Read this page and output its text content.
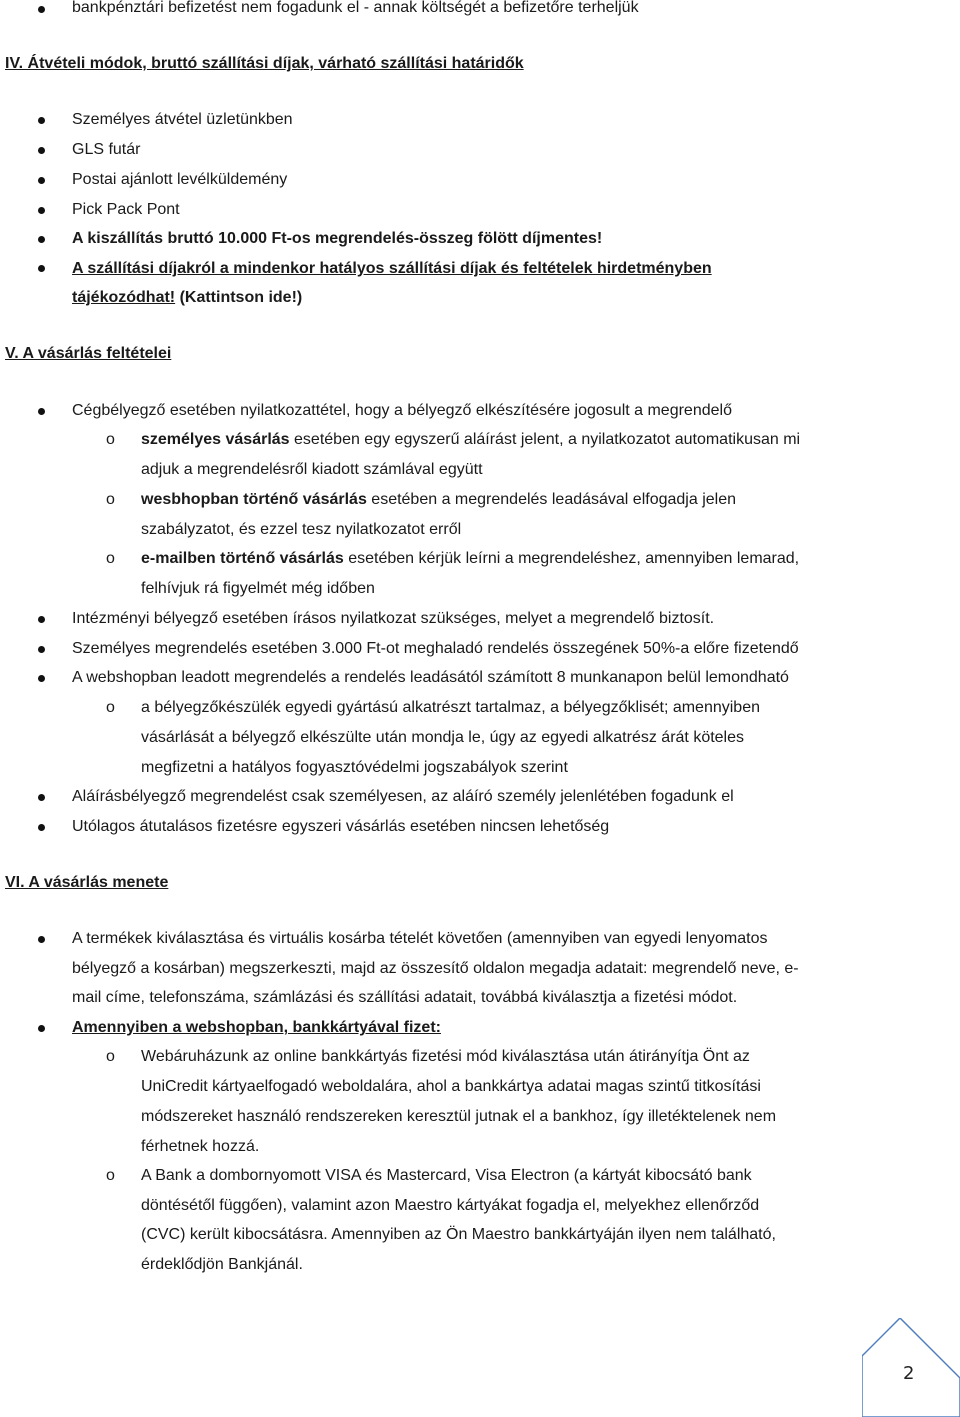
bankpénztári befizetést nem fogadunk el - annak költségét a befizetőre terheljük
IV. Átvételi módok, bruttó szállítási díjak, várható szállítási határidők
Személyes átvétel üzletünkben
GLS futár
Postai ajánlott levélküldemény
Pick Pack Pont
A kiszállítás bruttó 10.000 Ft-os megrendelés-összeg fölött díjmentes!
A szállítási díjakról a mindenkor hatályos szállítási díjak és feltételek hirdetményben
tájékozódhat! (Kattintson ide!)
V. A vásárlás feltételei
Cégbélyegző esetében nyilatkozattétel, hogy a bélyegző elkészítésére jogosult a megrendelő
o személyes vásárlás esetében egy egyszerű aláírást jelent, a nyilatkozatot automatikusan mi
adjuk a megrendelésről kiadott számlával együtt
o wesbhopban történő vásárlás esetében a megrendelés leadásával elfogadja jelen
szabályzatot, és ezzel tesz nyilatkozatot erről
o e-mailben történő vásárlás esetében kérjük leírni a megrendeléshez, amennyiben lemarad,
felhívjuk rá figyelmét még időben
Intézményi bélyegző esetében írásos nyilatkozat szükséges, melyet a megrendelő biztosít.
Személyes megrendelés esetében 3.000 Ft-ot meghaladó rendelés összegének 50%-a előre fizetendő
A webshopban leadott megrendelés a rendelés leadásától számított 8 munkanapon belül lemondható
o a bélyegzőkészülék egyedi gyártású alkatrészt tartalmaz, a bélyegzőklisét; amennyiben
vásárlását a bélyegző elkészülte után mondja le, úgy az egyedi alkatrész árát köteles
megfizetni a hatályos fogyasztóvédelmi jogszabályok szerint
Aláírásbélyegző megrendelést csak személyesen, az aláíró személy jelenlétében fogadunk el
Utólagos átutalásos fizetésre egyszeri vásárlás esetében nincsen lehetőség
VI. A vásárlás menete
A termékek kiválasztása és virtuális kosárba tételét követően (amennyiben van egyedi lenyomatos
bélyegző a kosárban) megszerkeszti, majd az összesítő oldalon megadja adatait: megrendelő neve, e-
mail címe, telefonszáma, számlázási és szállítási adatait, továbbá kiválasztja a fizetési módot.
Amennyiben a webshopban, bankkártyával fizet:
o Webáruházunk az online bankkártyás fizetési mód kiválasztása után átirányítja Önt az
UniCredit kártyaelfogadó weboldalára, ahol a bankkártya adatai magas szintű titkosítási
módszereket használó rendszereken keresztül jutnak el a bankhoz, így illetéktelenek nem
férhetnek hozzá.
o A Bank a dombornyomott VISA és Mastercard, Visa Electron (a kártyát kibocsátó bank
döntésétől függően), valamint azon Maestro kártyákat fogadja el, melyekhez ellenőrződ
(CVC) került kibocsátásra. Amennyiben az Ön Maestro bankkártyáján ilyen nem található,
érdeklődjön Bankjánál.
2
